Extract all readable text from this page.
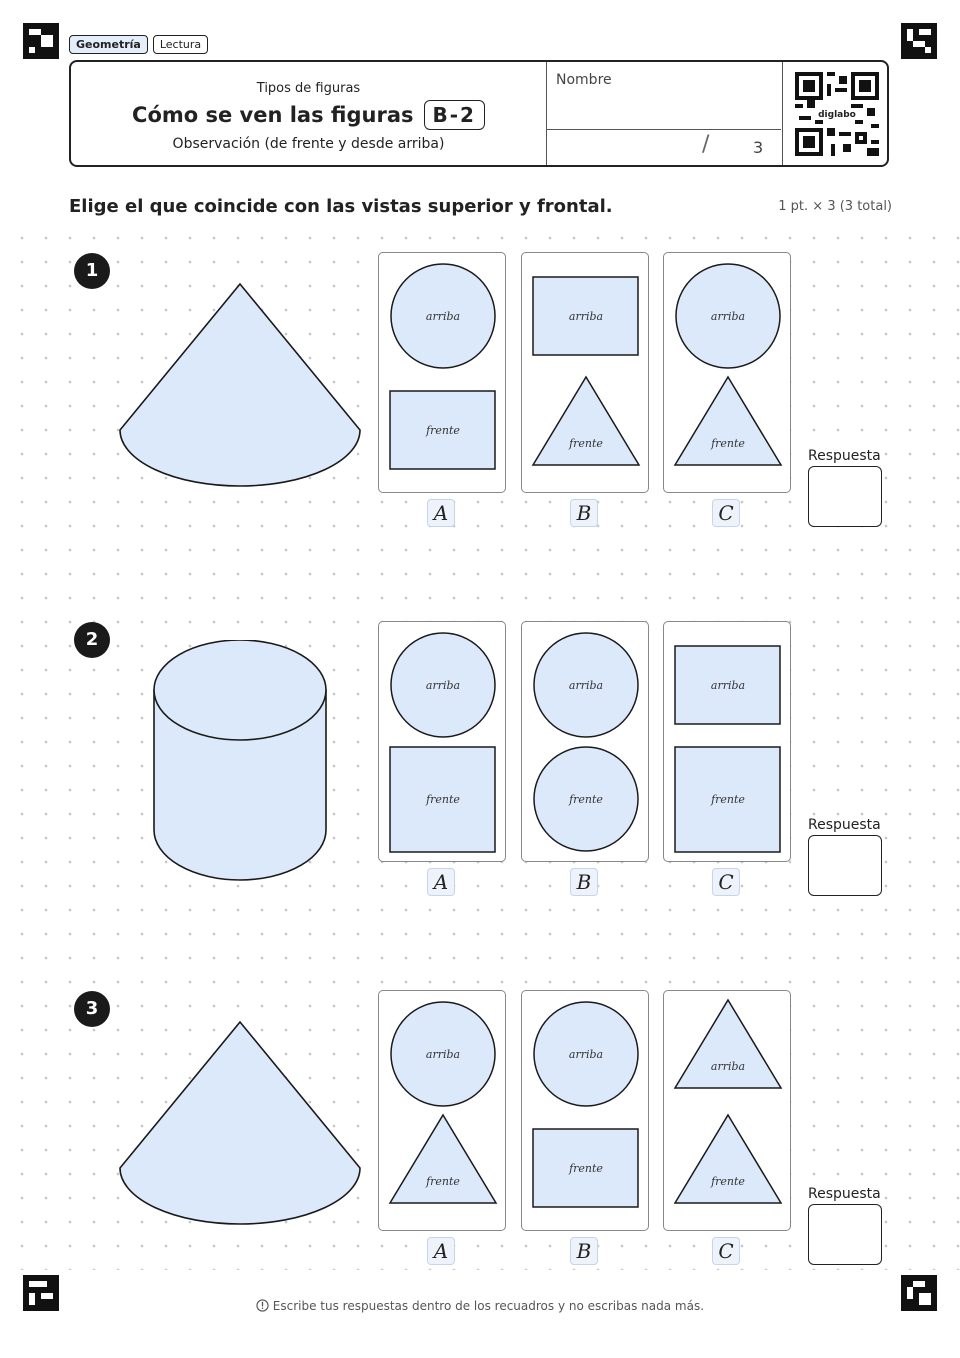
Geometría	Lectura
Tipos de figuras
Cómo se ven las figuras B-2
Observación (de frente y desde arriba)
Nombre
/	3
diglabo
Elige el que coincide con las vistas superior y frontal.	1 pt. × 3 (3 total)
1
arriba
frente
A
arriba
frente
B
arriba
frente
C
Respuesta
2
arriba
frente
A
arriba
frente
B
arriba
frente
C
Respuesta
3
arriba
frente
A
arriba
frente
B
arriba
frente
C
Respuesta
Escribe tus respuestas dentro de los recuadros y no escribas nada más.
